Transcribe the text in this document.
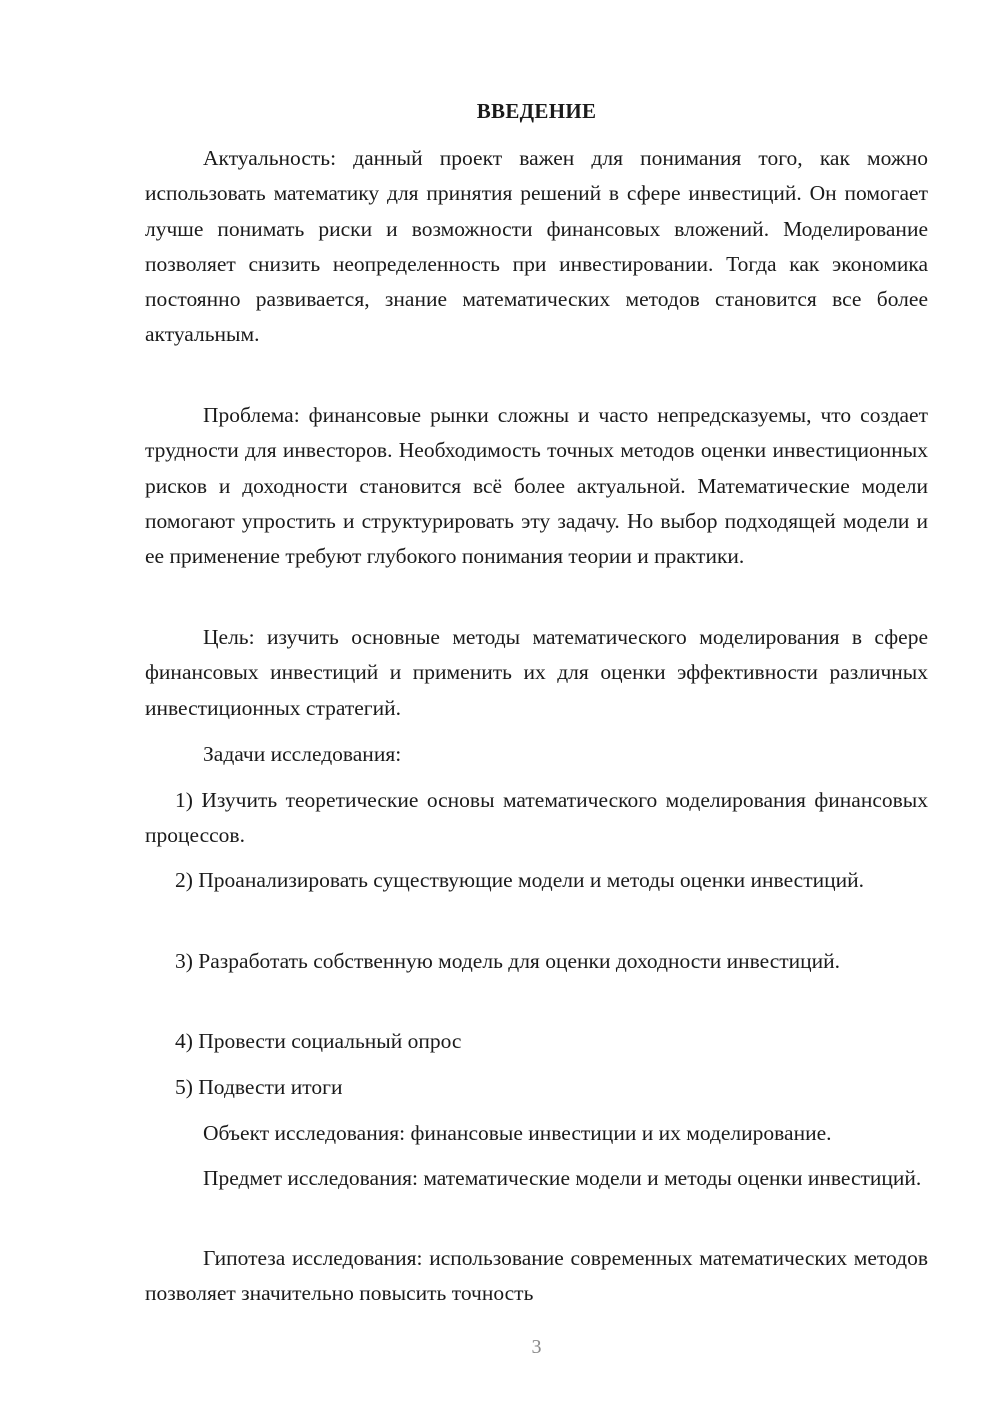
ВВЕДЕНИЕ

Актуальность: данный проект важен для понимания того, как можно использовать математику для принятия решений в сфере инвестиций. Он помогает лучше понимать риски и возможности финансовых вложений. Моделирование позволяет снизить неопределенность при инвестировании. Тогда как экономика постоянно развивается, знание математических методов становится все более актуальным.

Проблема: финансовые рынки сложны и часто непредсказуемы, что создает трудности для инвесторов. Необходимость точных методов оценки инвестиционных рисков и доходности становится всё более актуальной. Математические модели помогают упростить и структурировать эту задачу. Но выбор подходящей модели и ее применение требуют глубокого понимания теории и практики.

Цель: изучить основные методы математического моделирования в сфере финансовых инвестиций и применить их для оценки эффективности различных инвестиционных стратегий.

Задачи исследования:

1) Изучить теоретические основы математического моделирования финансовых процессов.

2) Проанализировать существующие модели и методы оценки инвестиций.

3) Разработать собственную модель для оценки доходности инвестиций.

4) Провести социальный опрос

5) Подвести итоги

Объект исследования: финансовые инвестиции и их моделирование.

Предмет исследования: математические модели и методы оценки инвестиций.

Гипотеза исследования: использование современных математических методов позволяет значительно повысить точность

3
